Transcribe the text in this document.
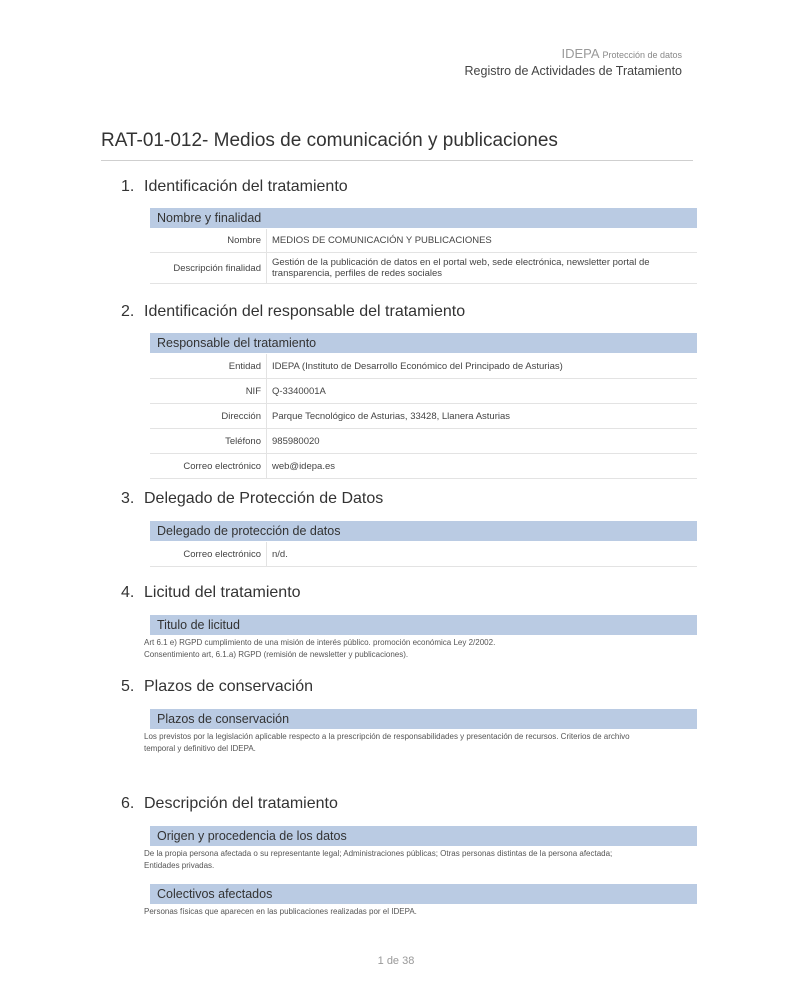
IDEPA Protección de datos
Registro de Actividades de Tratamiento
RAT-01-012- Medios de comunicación y publicaciones
1. Identificación del tratamiento
Nombre y finalidad
Nombre	MEDIOS DE COMUNICACIÓN Y PUBLICACIONES
Descripción finalidad	Gestión de la publicación de datos en el portal web, sede electrónica, newsletter portal de transparencia, perfiles de redes sociales
2. Identificación del responsable del tratamiento
Responsable del tratamiento
Entidad	IDEPA (Instituto de Desarrollo Económico del Principado de Asturias)
NIF	Q-3340001A
Dirección	Parque Tecnológico de Asturias, 33428, Llanera Asturias
Teléfono	985980020
Correo electrónico	web@idepa.es
3. Delegado de Protección de Datos
Delegado de protección de datos
Correo electrónico	n/d.
4. Licitud del tratamiento
Titulo de licitud
Art 6.1 e) RGPD cumplimiento de una misión de interés público. promoción económica Ley 2/2002.
Consentimiento art, 6.1.a) RGPD (remisión de newsletter y publicaciones).
5. Plazos de conservación
Plazos de conservación
Los previstos por la legislación aplicable respecto a la prescripción de responsabilidades y presentación de recursos. Criterios de archivo
temporal y definitivo del IDEPA.
6. Descripción del tratamiento
Origen y procedencia de los datos
De la propia persona afectada o su representante legal; Administraciones públicas; Otras personas distintas de la persona afectada;
Entidades privadas.
Colectivos afectados
Personas físicas que aparecen en las publicaciones realizadas por el IDEPA.
1 de 38
